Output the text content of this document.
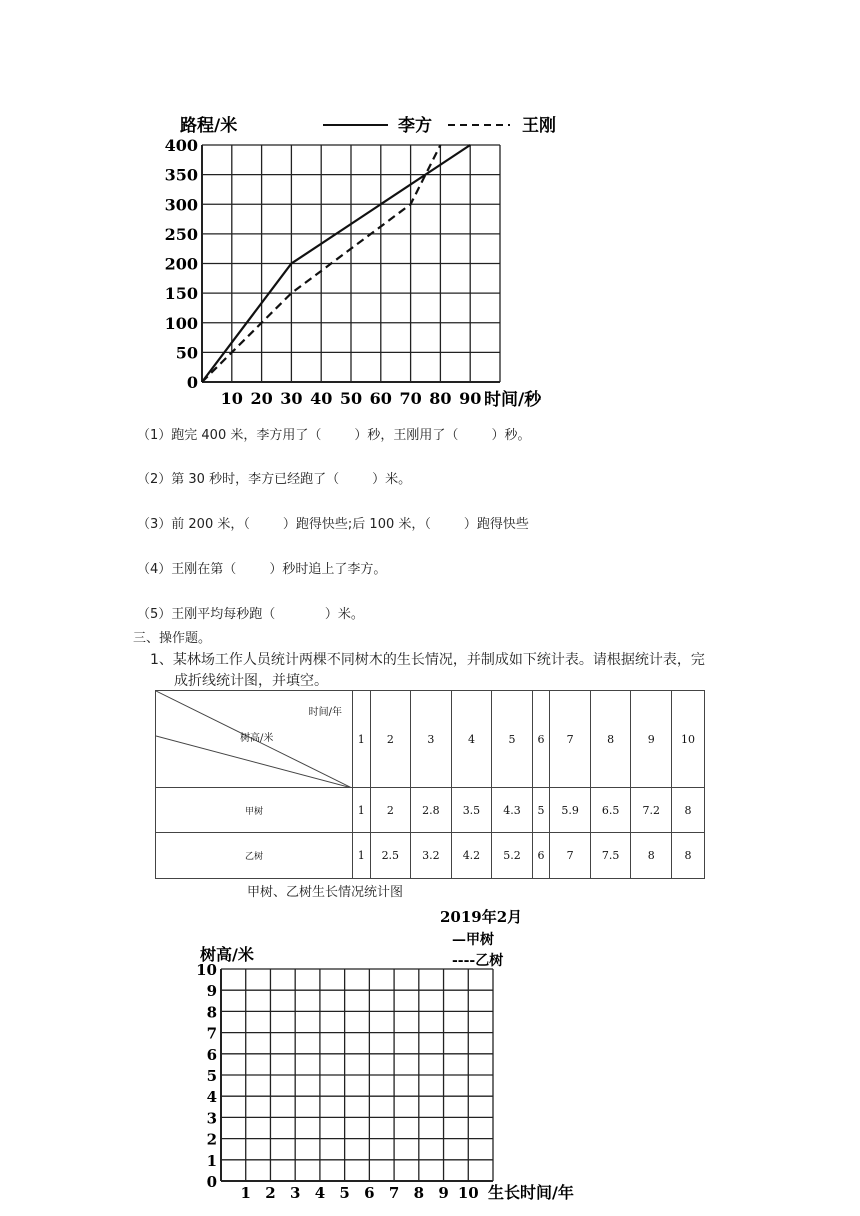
0
50
100
150
200
250
300
350
400
10 20 30 40 50 60 70 80 90
路程/米	李方	王刚
时间/秒
（1）跑完 400 米，李方用了（        ）秒，王刚用了（        ）秒。
（2）第 30 秒时，李方已经跑了（        ）米。
（3）前 200 米，（        ）跑得快些;后 100 米，（        ）跑得快些
（4）王刚在第（        ）秒时追上了李方。
（5）王刚平均每秒跑（            ）米。
三、操作题。
1、某林场工作人员统计两棵不同树木的生长情况，并制成如下统计表。请根据统计表，完
成折线统计图，并填空。
时间/年
树高/米	1	2	3	4	5	6	7	8	9	10
甲树	1	2	2.8	3.5	4.3	5	5.9	6.5	7.2	8
乙树	1	2.5	3.2	4.2	5.2	6	7	7.5	8	8
甲树、乙树生长情况统计图
2019年2月
—甲树
----乙树
树高/米
0
1
2
3
4
5
6
7
8
9
10
1 2 3 4 5 6 7 8 9 10 生长时间/年
